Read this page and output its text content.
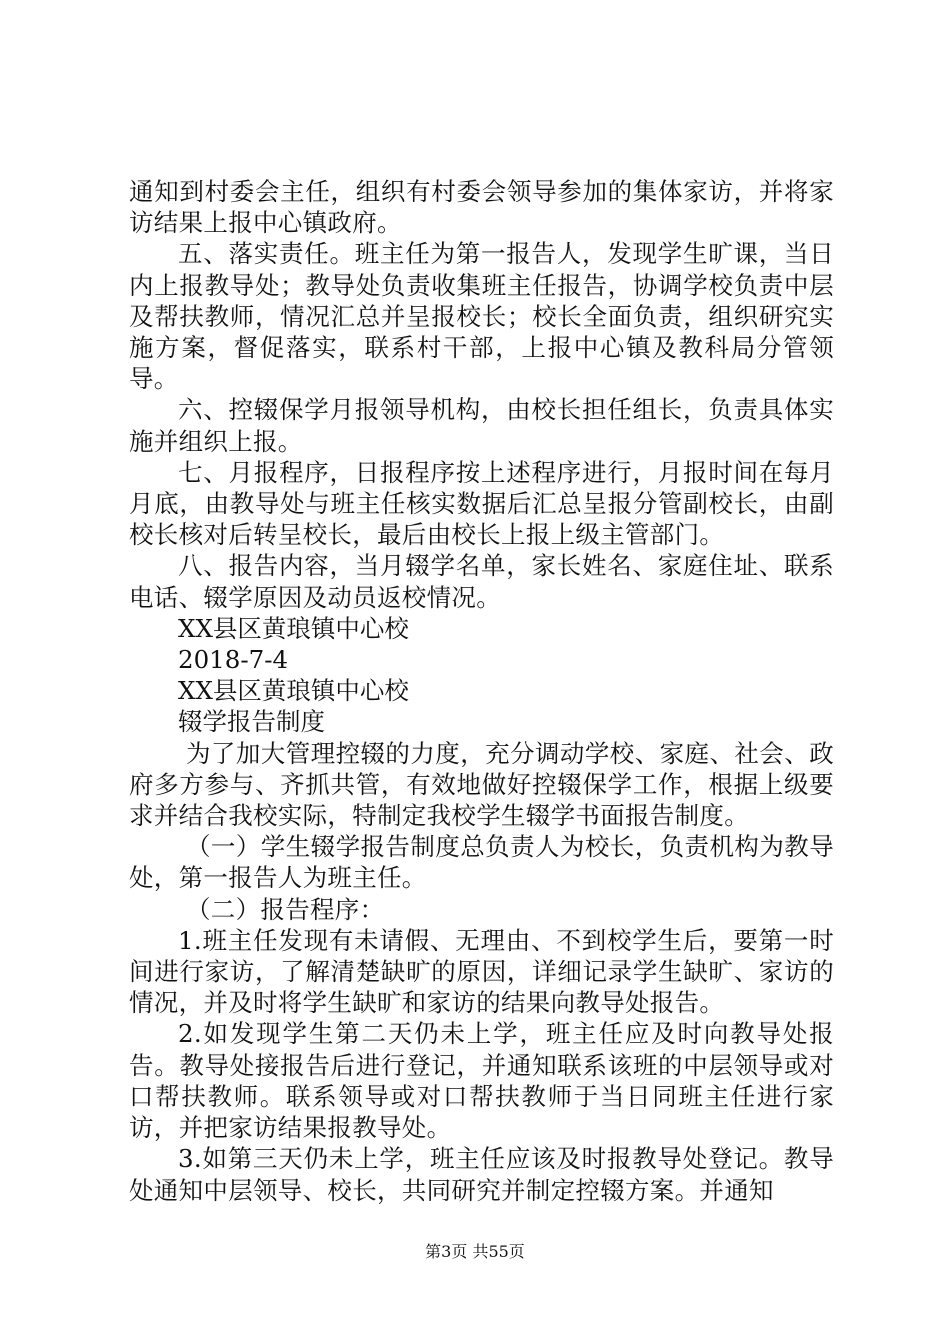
通知到村委会主任，组织有村委会领导参加的集体家访，并将家访结果上报中心镇政府。

五、落实责任。班主任为第一报告人，发现学生旷课，当日内上报教导处；教导处负责收集班主任报告，协调学校负责中层及帮扶教师，情况汇总并呈报校长；校长全面负责，组织研究实施方案，督促落实，联系村干部，上报中心镇及教科局分管领导。

六、控辍保学月报领导机构，由校长担任组长，负责具体实施并组织上报。

七、月报程序，日报程序按上述程序进行，月报时间在每月月底，由教导处与班主任核实数据后汇总呈报分管副校长，由副校长核对后转呈校长，最后由校长上报上级主管部门。

八、报告内容，当月辍学名单，家长姓名、家庭住址、联系电话、辍学原因及动员返校情况。

XX县区黄琅镇中心校

2018-7-4

XX县区黄琅镇中心校

辍学报告制度

为了加大管理控辍的力度，充分调动学校、家庭、社会、政府多方参与、齐抓共管，有效地做好控辍保学工作，根据上级要求并结合我校实际，特制定我校学生辍学书面报告制度。

（一）学生辍学报告制度总负责人为校长，负责机构为教导处，第一报告人为班主任。

（二）报告程序：

1.班主任发现有未请假、无理由、不到校学生后，要第一时间进行家访，了解清楚缺旷的原因，详细记录学生缺旷、家访的情况，并及时将学生缺旷和家访的结果向教导处报告。

2.如发现学生第二天仍未上学，班主任应及时向教导处报告。教导处接报告后进行登记，并通知联系该班的中层领导或对口帮扶教师。联系领导或对口帮扶教师于当日同班主任进行家访，并把家访结果报教导处。

3.如第三天仍未上学，班主任应该及时报教导处登记。教导处通知中层领导、校长，共同研究并制定控辍方案。并通知

第3页 共55页
